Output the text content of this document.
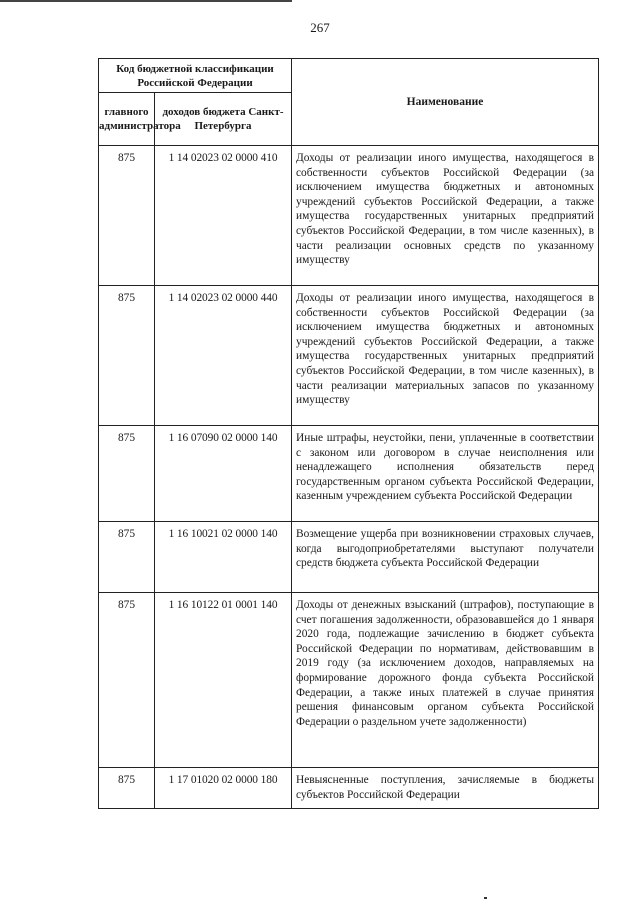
267
Код бюджетной классификации Российской Федерации		Наименование
главного администратора	доходов бюджета Санкт-Петербурга	
875	1 14 02023 02 0000 410	Доходы от реализации иного имущества, находящегося в собственности субъектов Российской Федерации (за исключением имущества бюджетных и автономных учреждений субъектов Российской Федерации, а также имущества государственных унитарных предприятий субъектов Российской Федерации, в том числе казенных), в части реализации основных средств по указанному имуществу
875	1 14 02023 02 0000 440	Доходы от реализации иного имущества, находящегося в собственности субъектов Российской Федерации (за исключением имущества бюджетных и автономных учреждений субъектов Российской Федерации, а также имущества государственных унитарных предприятий субъектов Российской Федерации, в том числе казенных), в части реализации материальных запасов по указанному имуществу
875	1 16 07090 02 0000 140	Иные штрафы, неустойки, пени, уплаченные в соответствии с законом или договором в случае неисполнения или ненадлежащего исполнения обязательств перед государственным органом субъекта Российской Федерации, казенным учреждением субъекта Российской Федерации
875	1 16 10021 02 0000 140	Возмещение ущерба при возникновении страховых случаев, когда выгодоприобретателями выступают получатели средств бюджета субъекта Российской Федерации
875	1 16 10122 01 0001 140	Доходы от денежных взысканий (штрафов), поступающие в счет погашения задолженности, образовавшейся до 1 января 2020 года, подлежащие зачислению в бюджет субъекта Российской Федерации по нормативам, действовавшим в 2019 году (за исключением доходов, направляемых на формирование дорожного фонда субъекта Российской Федерации, а также иных платежей в случае принятия решения финансовым органом субъекта Российской Федерации о раздельном учете задолженности)
875	1 17 01020 02 0000 180	Невыясненные поступления, зачисляемые в бюджеты субъектов Российской Федерации
